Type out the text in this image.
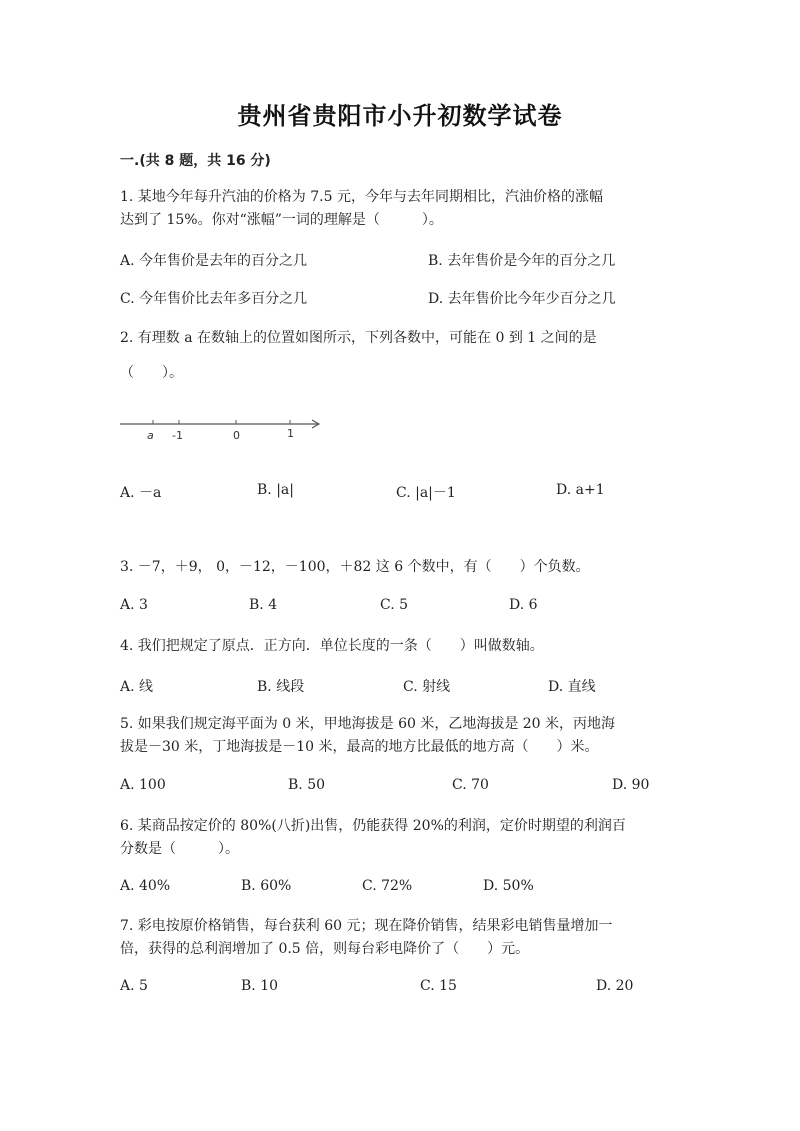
贵州省贵阳市小升初数学试卷
一.(共 8 题，共 16 分)
1. 某地今年每升汽油的价格为 7.5 元，今年与去年同期相比，汽油价格的涨幅
达到了 15%。你对“涨幅”一词的理解是（　　　）。
A. 今年售价是去年的百分之几	B. 去年售价是今年的百分之几
C. 今年售价比去年多百分之几	D. 去年售价比今年少百分之几
2. 有理数 a 在数轴上的位置如图所示，下列各数中，可能在 0 到 1 之间的是
（　　）。
a -1	0	1
A. －a	B. |a|	C. |a|－1	D. a+1
3. －7，＋9， 0，－12，－100，＋82 这 6 个数中，有（　　）个负数。
A. 3	B. 4	C. 5	D. 6
4. 我们把规定了原点．正方向．单位长度的一条（　　）叫做数轴。
A. 线	B. 线段	C. 射线	D. 直线
5. 如果我们规定海平面为 0 米，甲地海拔是 60 米，乙地海拔是 20 米，丙地海
拔是－30 米，丁地海拔是－10 米，最高的地方比最低的地方高（　　）米。
A. 100	B. 50	C. 70	D. 90
6. 某商品按定价的 80%(八折)出售，仍能获得 20%的利润，定价时期望的利润百
分数是（　　　）。
A. 40%	B. 60%	C. 72%	D. 50%
7. 彩电按原价格销售，每台获利 60 元；现在降价销售，结果彩电销售量增加一
倍，获得的总利润增加了 0.5 倍，则每台彩电降价了（　　）元。
A. 5	B. 10	C. 15	D. 20
